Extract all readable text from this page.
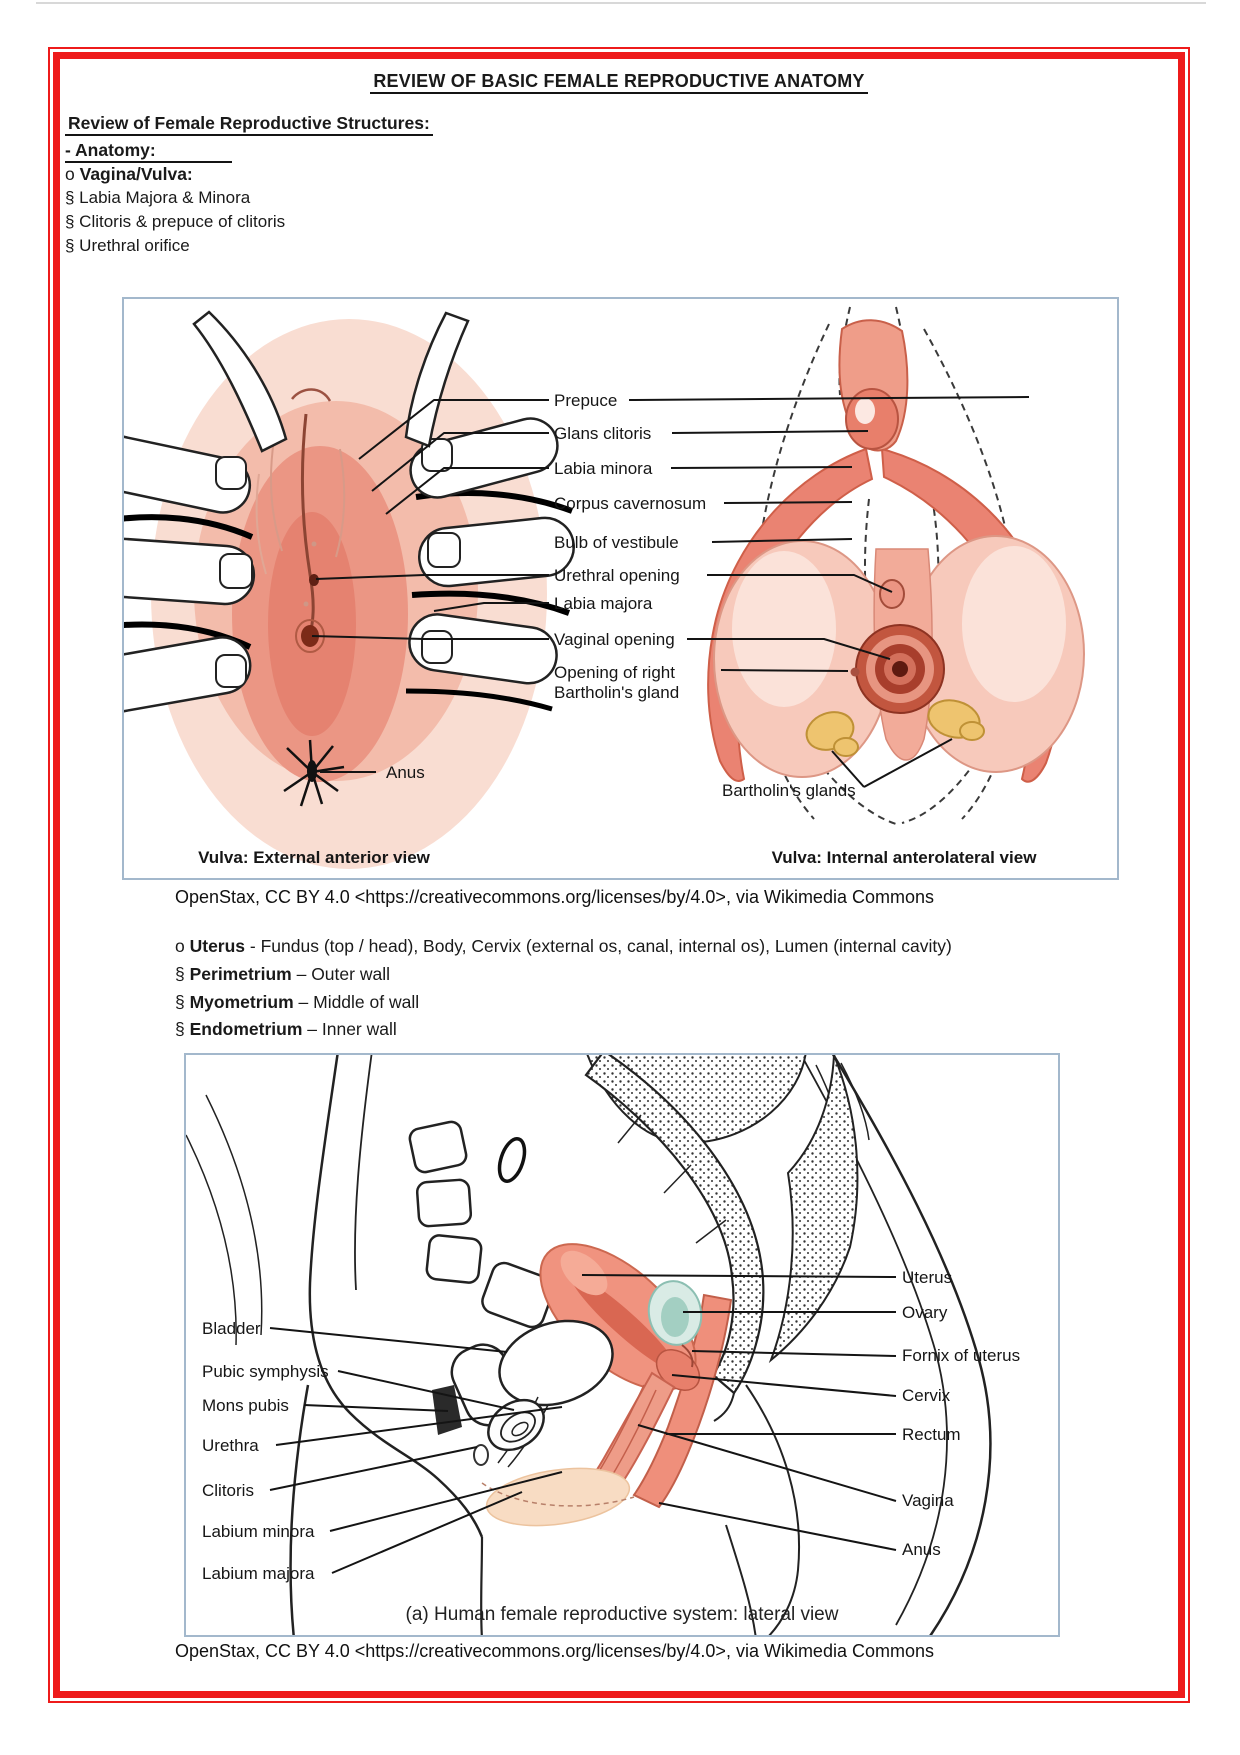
REVIEW OF BASIC FEMALE REPRODUCTIVE ANATOMY
Review of Female Reproductive Structures:
- Anatomy:
o Vagina/Vulva:
§ Labia Majora & Minora
§ Clitoris & prepuce of clitoris
§ Urethral orifice
Prepuce
Glans clitoris
Labia minora
Corpus cavernosum
Bulb of vestibule
Urethral opening
Labia majora
Vaginal opening
Opening of right
Bartholin's gland
Anus
Bartholin's glands
Vulva: External anterior view	Vulva: Internal anterolateral view
OpenStax, CC BY 4.0 <https://creativecommons.org/licenses/by/4.0>, via Wikimedia Commons
o Uterus - Fundus (top / head), Body, Cervix (external os, canal, internal os), Lumen (internal cavity)
§ Perimetrium – Outer wall
§ Myometrium – Middle of wall
§ Endometrium – Inner wall
Bladder
Pubic symphysis
Mons pubis
Urethra
Clitoris
Labium minora
Labium majora
Uterus
Ovary
Fornix of uterus
Cervix
Rectum
Vagina
Anus
(a) Human female reproductive system: lateral view
OpenStax, CC BY 4.0 <https://creativecommons.org/licenses/by/4.0>, via Wikimedia Commons
